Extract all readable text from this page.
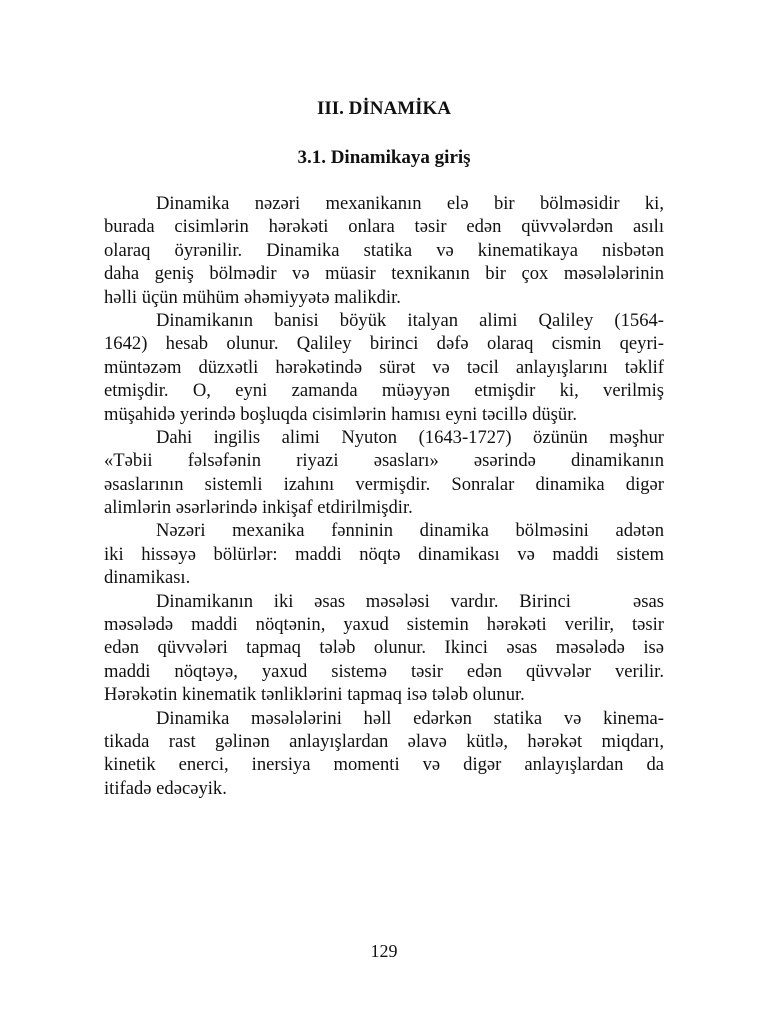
III. DİNAMİKA
3.1. Dinamikaya giriş

Dinamika nəzəri mexanikanın elə bir bölməsidir ki,
burada cisimlərin hərəkəti onlara təsir edən qüvvələrdən asılı
olaraq öyrənilir. Dinamika statika və kinematikaya nisbətən
daha geniş bölmədir və müasir texnikanın bir çox məsələlərinin
həlli üçün mühüm əhəmiyyətə malikdir.

Dinamikanın banisi böyük italyan alimi Qaliley (1564-
1642) hesab olunur. Qaliley birinci dəfə olaraq cismin qeyri-
müntəzəm düzxətli hərəkətində sürət və təcil anlayışlarını təklif
etmişdir. O, eyni zamanda müəyyən etmişdir ki, verilmiş
müşahidə yerində boşluqda cisimlərin hamısı eyni təcillə düşür.

Dahi ingilis alimi Nyuton (1643-1727) özünün məşhur
«Təbii fəlsəfənin riyazi əsasları» əsərində dinamikanın
əsaslarının sistemli izahını vermişdir. Sonralar dinamika digər
alimlərin əsərlərində inkişaf etdirilmişdir.

Nəzəri mexanika fənninin dinamika bölməsini adətən
iki hissəyə bölürlər: maddi nöqtə dinamikası və maddi sistem
dinamikası.

Dinamikanın iki əsas məsələsi vardır. Birinci   əsas
məsələdə maddi nöqtənin, yaxud sistemin hərəkəti verilir, təsir
edən qüvvələri tapmaq tələb olunur. Ikinci əsas məsələdə isə
maddi nöqtəyə, yaxud sistemə təsir edən qüvvələr verilir.
Hərəkətin kinematik tənliklərini tapmaq isə tələb olunur.

Dinamika məsələlərini həll edərkən statika və kinema-
tikada rast gəlinən anlayışlardan əlavə kütlə, hərəkət miqdarı,
kinetik enerci, inersiya momenti və digər anlayışlardan da
itifadə edəcəyik.

129
